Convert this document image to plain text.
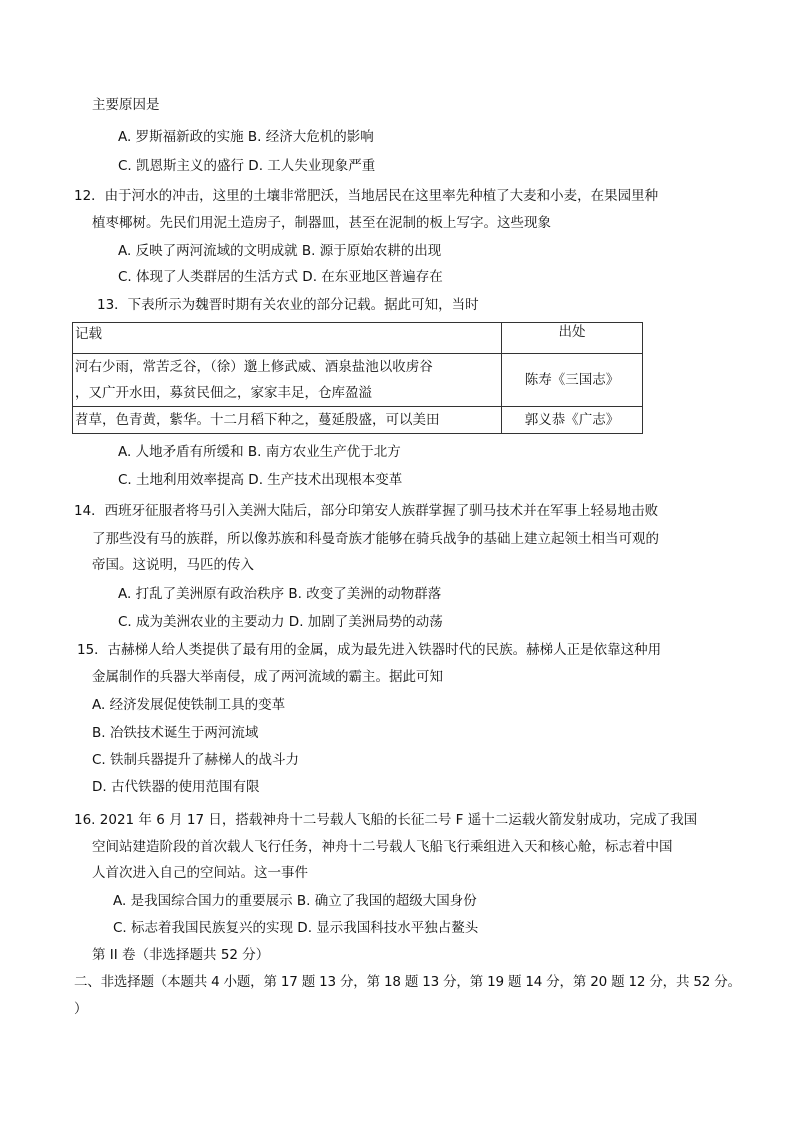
主要原因是
A. 罗斯福新政的实施 B. 经济大危机的影响
C. 凯恩斯主义的盛行 D. 工人失业现象严重
12．由于河水的冲击，这里的土壤非常肥沃，当地居民在这里率先种植了大麦和小麦，在果园里种
植枣椰树。先民们用泥土造房子，制器皿，甚至在泥制的板上写字。这些现象
A. 反映了两河流域的文明成就 B. 源于原始农耕的出现
C. 体现了人类群居的生活方式 D. 在东亚地区普遍存在
13．下表所示为魏晋时期有关农业的部分记载。据此可知，当时
记载	出处

河右少雨，常苦乏谷，（徐）邈上修武威、酒泉盐池以收虏谷
，又广开水田，募贫民佃之，家家丰足，仓库盈溢	陈寿《三国志》
苕草，色青黄，紫华。十二月稻下种之，蔓延殷盛，可以美田	郭义恭《广志》
A. 人地矛盾有所缓和 B. 南方农业生产优于北方
C. 土地利用效率提高 D. 生产技术出现根本变革
14．西班牙征服者将马引入美洲大陆后，部分印第安人族群掌握了驯马技术并在军事上轻易地击败
了那些没有马的族群，所以像苏族和科曼奇族才能够在骑兵战争的基础上建立起领土相当可观的
帝国。这说明，马匹的传入
A. 打乱了美洲原有政治秩序 B. 改变了美洲的动物群落
C. 成为美洲农业的主要动力 D. 加剧了美洲局势的动荡
15．古赫梯人给人类提供了最有用的金属，成为最先进入铁器时代的民族。赫梯人正是依靠这种用
金属制作的兵器大举南侵，成了两河流域的霸主。据此可知
A. 经济发展促使铁制工具的变革
B. 冶铁技术诞生于两河流域
C. 铁制兵器提升了赫梯人的战斗力
D. 古代铁器的使用范围有限
16. 2021 年 6 月 17 日，搭载神舟十二号载人飞船的长征二号 F 遥十二运载火箭发射成功，完成了我国
空间站建造阶段的首次载人飞行任务，神舟十二号载人飞船飞行乘组进入天和核心舱，标志着中国
人首次进入自己的空间站。这一事件
A. 是我国综合国力的重要展示 B. 确立了我国的超级大国身份
C. 标志着我国民族复兴的实现 D. 显示我国科技水平独占鳌头
第 II 卷（非选择题共 52 分）
二、非选择题（本题共 4 小题，第 17 题 13 分，第 18 题 13 分，第 19 题 14 分，第 20 题 12 分，共 52 分。
）
